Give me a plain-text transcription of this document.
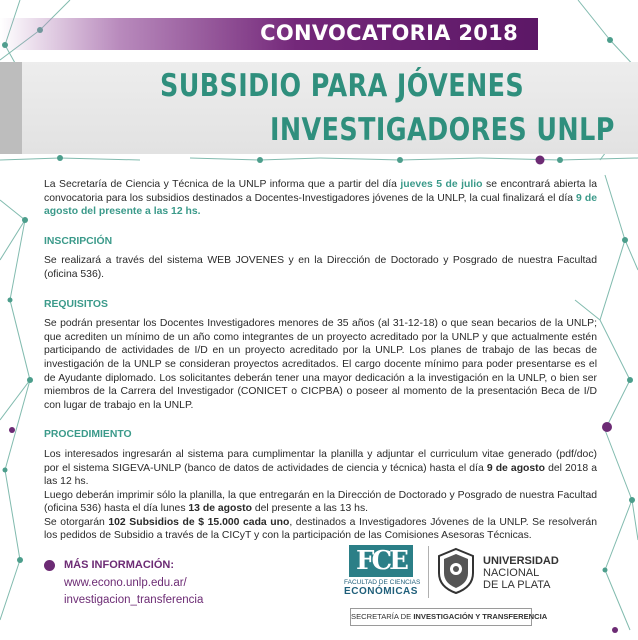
CONVOCATORIA 2018
SUBSIDIO PARA JÓVENES
INVESTIGADORES UNLP

La Secretaría de Ciencia y Técnica de la UNLP informa que a partir del día jueves 5 de julio se encontrará abierta la convocatoria para los subsidios destinados a Docentes-Investigadores jóvenes de la UNLP, la cual finalizará el día 9 de agosto del presente a las 12 hs.

INSCRIPCIÓN

Se realizará a través del sistema WEB JOVENES y en la Dirección de Doctorado y Posgrado de nuestra Facultad (oficina 536).

REQUISITOS

Se podrán presentar los Docentes Investigadores menores de 35 años (al 31-12-18) o que sean becarios de la UNLP; que acrediten un mínimo de un año como integrantes de un proyecto acreditado por la UNLP y que actualmente estén participando de actividades de I/D en un proyecto acreditado por la UNLP. Los planes de trabajo de las becas de investigación de la UNLP se consideran proyectos acreditados. El cargo docente mínimo para poder presentarse es el de Ayudante diplomado. Los solicitantes deberán tener una mayor dedicación a la investigación en la UNLP, o bien ser miembros de la Carrera del Investigador (CONICET o CICPBA) o poseer al momento de la presentación Beca de I/D con lugar de trabajo en la UNLP.

PROCEDIMIENTO

Los interesados ingresarán al sistema para cumplimentar la planilla y adjuntar el curriculum vitae generado (pdf/doc) por el sistema SIGEVA-UNLP (banco de datos de actividades de ciencia y técnica) hasta el día 9 de agosto del 2018 a las 12 hs.

Luego deberán imprimir sólo la planilla, la que entregarán en la Dirección de Doctorado y Posgrado de nuestra Facultad (oficina 536) hasta el día lunes 13 de agosto del presente a las 13 hs.

Se otorgarán 102 Subsidios de $ 15.000 cada uno, destinados a Investigadores Jóvenes de la UNLP. Se resolverán los pedidos de Subsidio a través de la CICyT y con la participación de las Comisiones Asesoras Técnicas.

MÁS INFORMACIÓN:
www.econo.unlp.edu.ar/
investigacion_transferencia
FCE
FACULTAD DE CIENCIAS
ECONÓMICAS
UNIVERSIDAD
NACIONAL
DE LA PLATA
SECRETARÍA DE INVESTIGACIÓN Y TRANSFERENCIA
